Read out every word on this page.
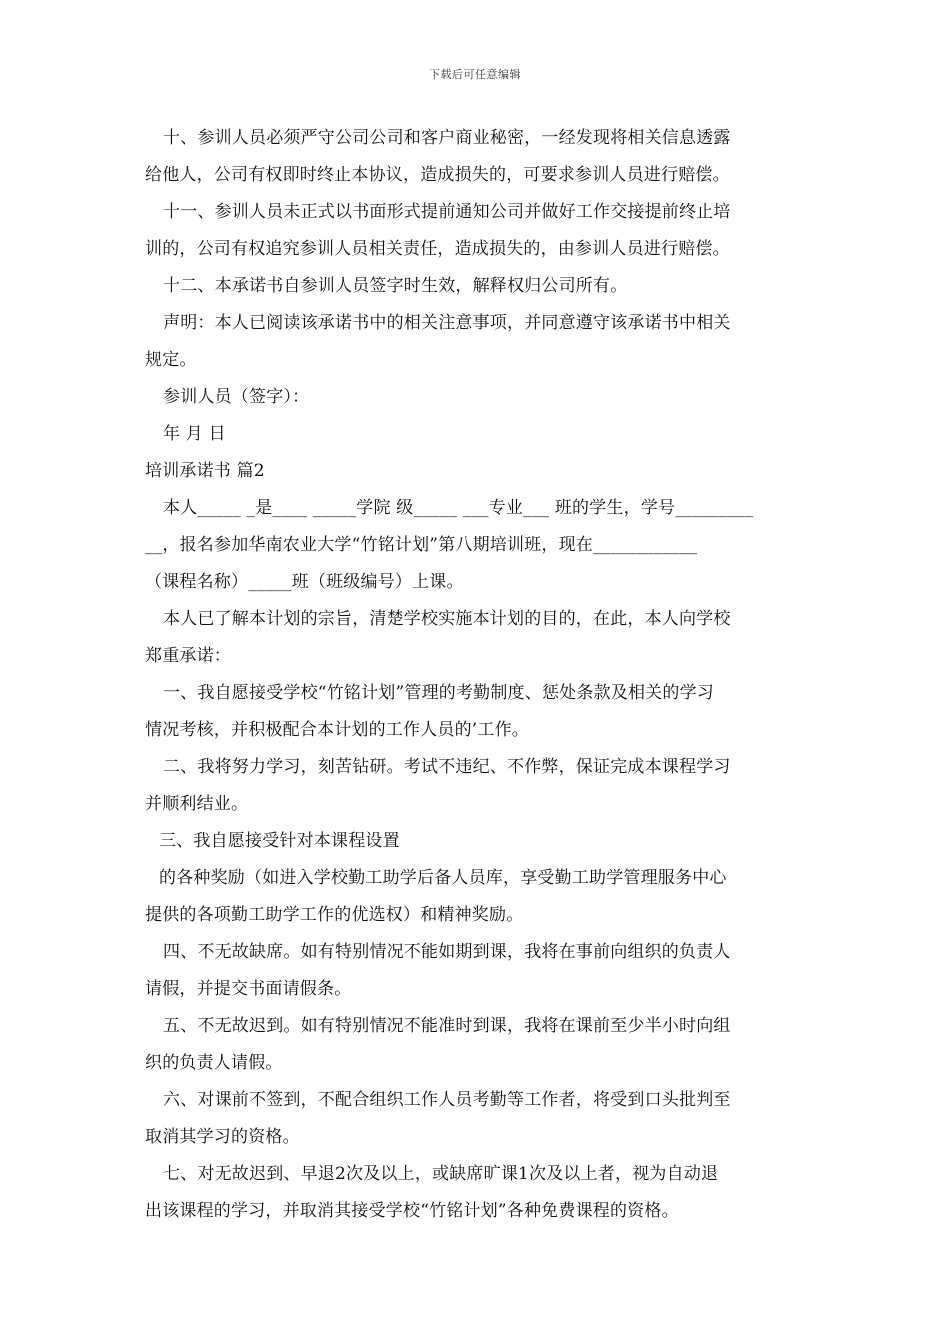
下载后可任意编辑
十、参训人员必须严守公司公司和客户商业秘密，一经发现将相关信息透露
给他人，公司有权即时终止本协议，造成损失的，可要求参训人员进行赔偿。
十一、参训人员未正式以书面形式提前通知公司并做好工作交接提前终止培
训的，公司有权追究参训人员相关责任，造成损失的，由参训人员进行赔偿。
十二、本承诺书自参训人员签字时生效，解释权归公司所有。
声明：本人已阅读该承诺书中的相关注意事项，并同意遵守该承诺书中相关
规定。
参训人员（签字）：
年 月 日
培训承诺书 篇2
本人_____ _是____ _____学院 级_____ ___专业___ 班的学生，学号_________
__，报名参加华南农业大学“竹铭计划”第八期培训班，现在____________
（课程名称）_____班（班级编号）上课。
本人已了解本计划的宗旨，清楚学校实施本计划的目的，在此，本人向学校
郑重承诺：
一、我自愿接受学校“竹铭计划”管理的考勤制度、惩处条款及相关的学习
情况考核，并积极配合本计划的工作人员的’工作。
二、我将努力学习，刻苦钻研。考试不违纪、不作弊，保证完成本课程学习
并顺利结业。
三、我自愿接受针对本课程设置
的各种奖励（如进入学校勤工助学后备人员库，享受勤工助学管理服务中心
提供的各项勤工助学工作的优选权）和精神奖励。
四、不无故缺席。如有特别情况不能如期到课，我将在事前向组织的负责人
请假，并提交书面请假条。
五、不无故迟到。如有特别情况不能准时到课，我将在课前至少半小时向组
织的负责人请假。
六、对课前不签到，不配合组织工作人员考勤等工作者，将受到口头批判至
取消其学习的资格。
七、对无故迟到、早退2次及以上，或缺席旷课1次及以上者，视为自动退
出该课程的学习，并取消其接受学校“竹铭计划”各种免费课程的资格。
